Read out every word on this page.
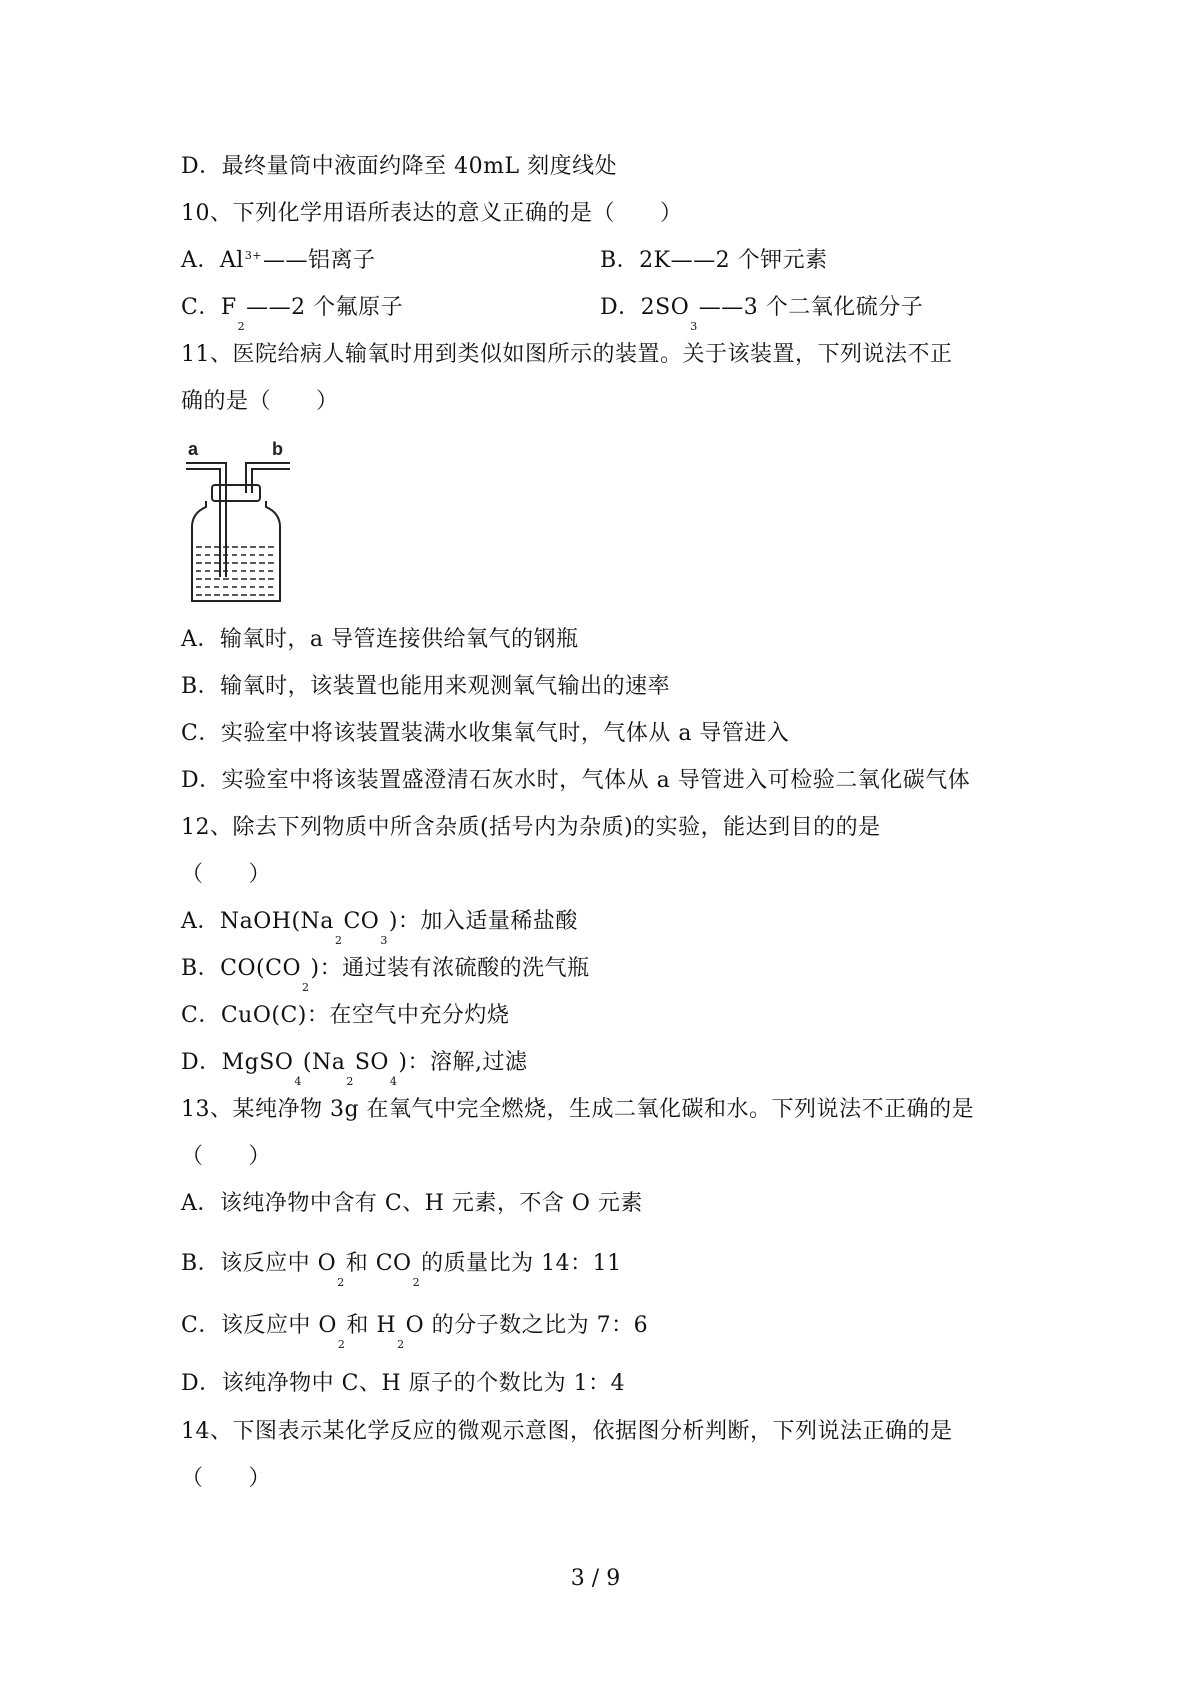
D．最终量筒中液面约降至 40mL 刻度线处
10、下列化学用语所表达的意义正确的是（　　）
A．$Al^{3+}——$铝离子	B．2K——2 个钾元素
C．$F_2——2$ 个氟原子	D．$2SO_3——3$ 个二氧化硫分子
11、医院给病人输氧时用到类似如图所示的装置。关于该装置，下列说法不正
确的是（　　）
a	b
A．输氧时，a 导管连接供给氧气的钢瓶
B．输氧时，该装置也能用来观测氧气输出的速率
C．实验室中将该装置装满水收集氧气时，气体从 a 导管进入
D．实验室中将该装置盛澄清石灰水时，气体从 a 导管进入可检验二氧化碳气体
12、除去下列物质中所含杂质(括号内为杂质)的实验，能达到目的的是
（　　）
A．$NaOH(Na_2CO_3)$：加入适量稀盐酸
B．$CO(CO_2)$：通过装有浓硫酸的洗气瓶
C．CuO(C)：在空气中充分灼烧
D．$MgSO_4(Na_2SO_4)$：溶解,过滤
13、某纯净物 3g 在氧气中完全燃烧，生成二氧化碳和水。下列说法不正确的是
（　　）
A．该纯净物中含有 C、H 元素，不含 O 元素
B．该反应中 $O_2$和 $CO_2$的质量比为 14：11
C．该反应中 $O_2$和 $H_2O$ 的分子数之比为 7：6
D．该纯净物中 C、H 原子的个数比为 1：4
14、下图表示某化学反应的微观示意图，依据图分析判断，下列说法正确的是
（　　）
3 / 9
